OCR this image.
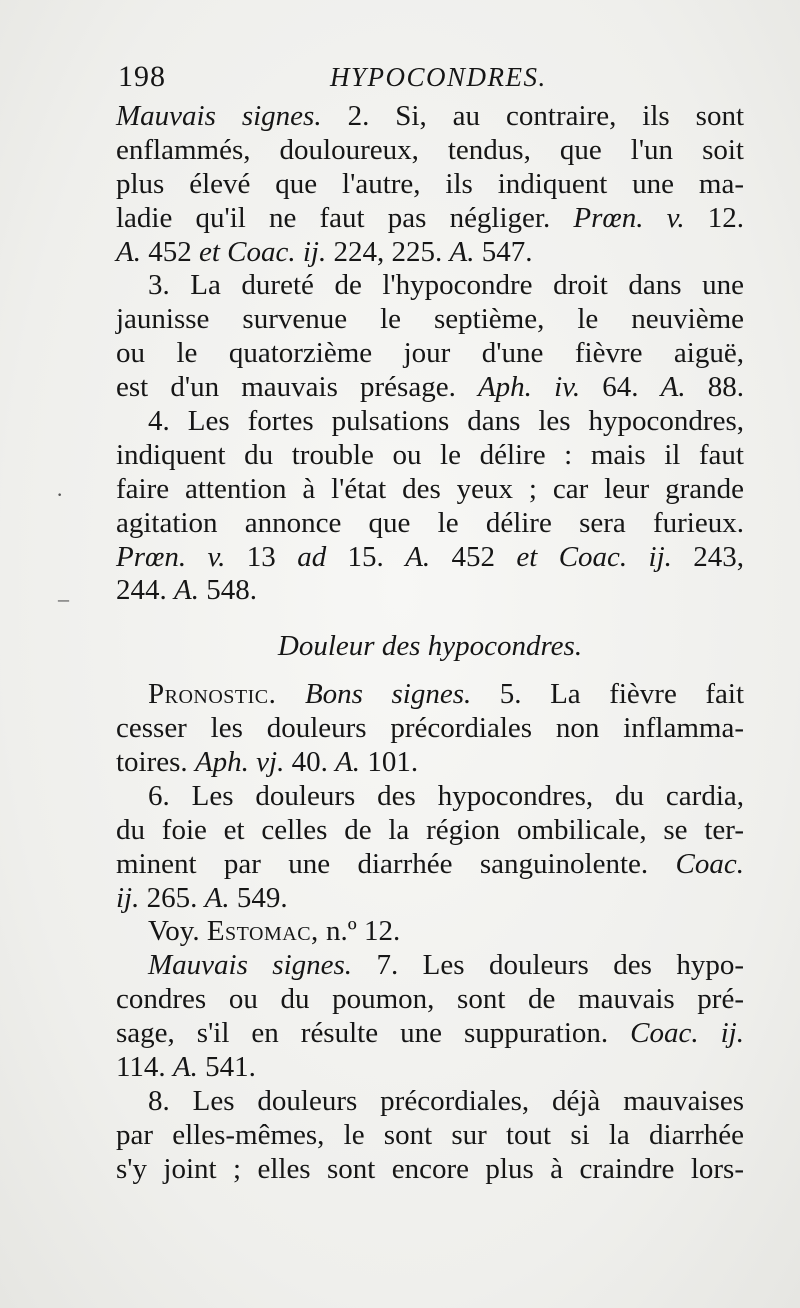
198	HYPOCONDRES.
Mauvais signes. 2. Si, au contraire, ils sont
enflammés, douloureux, tendus, que l'un soit
plus élevé que l'autre, ils indiquent une ma-
ladie qu'il ne faut pas négliger. Prœn. v. 12.
A. 452 et Coac. ij. 224, 225. A. 547.
3. La dureté de l'hypocondre droit dans une
jaunisse survenue le septième, le neuvième
ou le quatorzième jour d'une fièvre aiguë,
est d'un mauvais présage. Aph. iv. 64. A. 88.
4. Les fortes pulsations dans les hypocondres,
indiquent du trouble ou le délire : mais il faut
faire attention à l'état des yeux ; car leur grande
agitation annonce que le délire sera furieux.
Prœn. v. 13 ad 15. A. 452 et Coac. ij. 243,
244. A. 548.
Douleur des hypocondres.
Pronostic. Bons signes. 5. La fièvre fait
cesser les douleurs précordiales non inflamma-
toires. Aph. vj. 40. A. 101.
6. Les douleurs des hypocondres, du cardia,
du foie et celles de la région ombilicale, se ter-
minent par une diarrhée sanguinolente. Coac.
ij. 265. A. 549.
Voy. Estomac, n.º 12.
Mauvais signes. 7. Les douleurs des hypo-
condres ou du poumon, sont de mauvais pré-
sage, s'il en résulte une suppuration. Coac. ij.
114. A. 541.
8. Les douleurs précordiales, déjà mauvaises
par elles-mêmes, le sont sur tout si la diarrhée
s'y joint ; elles sont encore plus à craindre lors-
·
–
